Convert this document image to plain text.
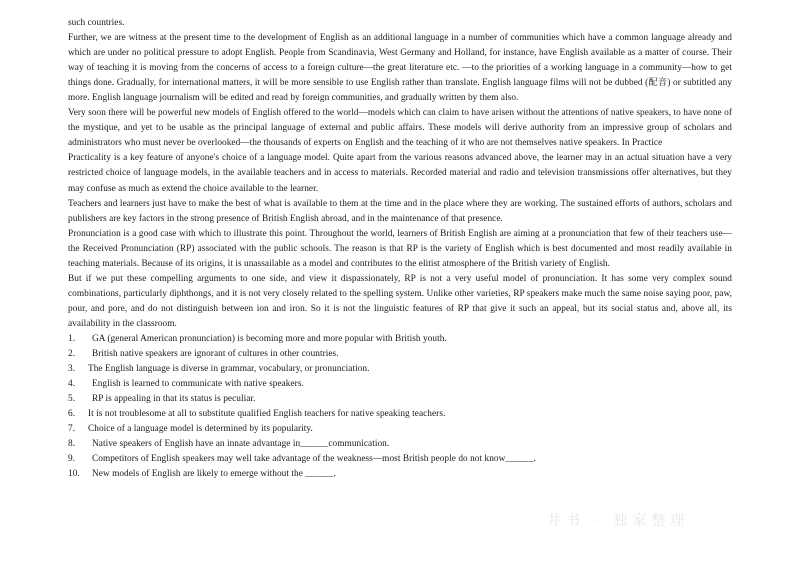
such countries.

Further, we are witness at the present time to the development of English as an additional language in a number of communities which have a common language already and which are under no political pressure to adopt English. People from Scandinavia, West Germany and Holland, for instance, have English available as a matter of course. Their way of teaching it is moving from the concerns of access to a foreign culture—the great literature etc. —to the priorities of a working language in a community—how to get things done. Gradually, for international matters, it will be more sensible to use English rather than translate. English language films will not be dubbed (配音) or subtitled any more. English language journalism will be edited and read by foreign communities, and gradually written by them also.

Very soon there will be powerful new models of English offered to the world—models which can claim to have arisen without the attentions of native speakers, to have none of the mystique, and yet to be usable as the principal language of external and public affairs. These models will derive authority from an impressive group of scholars and administrators who must never be overlooked—the thousands of experts on English and the teaching of it who are not themselves native speakers. In Practice

Practicality is a key feature of anyone's choice of a language model. Quite apart from the various reasons advanced above, the learner may in an actual situation have a very restricted choice of language models, in the available teachers and in access to materials. Recorded material and radio and television transmissions offer alternatives, but they may confuse as much as extend the choice available to the learner.

Teachers and learners just have to make the best of what is available to them at the time and in the place where they are working. The sustained efforts of authors, scholars and publishers are key factors in the strong presence of British English abroad, and in the maintenance of that presence.

Pronunciation is a good case with which to illustrate this point. Throughout the world, learners of British English are aiming at a pronunciation that few of their teachers use—the Received Pronunciation (RP) associated with the public schools. The reason is that RP is the variety of English which is best documented and most readily available in teaching materials. Because of its origins, it is unassailable as a model and contributes to the elitist atmosphere of the British variety of English.

But if we put these compelling arguments to one side, and view it dispassionately, RP is not a very useful model of pronunciation. It has some very complex sound combinations, particularly diphthongs, and it is not very closely related to the spelling system. Unlike other varieties, RP speakers make much the same noise saying poor, paw, pour, and pore, and do not distinguish between ion and iron. So it is not the linguistic features of RP that give it such an appeal, but its social status and, above all, its availability in the classroom.

1.	GA (general American pronunciation) is becoming more and more popular with British youth.
2.	British native speakers are ignorant of cultures in other countries.
3.	The English language is diverse in grammar, vocabulary, or pronunciation.
4.	English is learned to communicate with native speakers.
5.	RP is appealing in that its status is peculiar.
6.	It is not troublesome at all to substitute qualified English teachers for native speaking teachers.
7.	Choice of a language model is determined by its popularity.
8.	Native speakers of English have an innate advantage in______communication.
9.	Competitors of English speakers may well take advantage of the weakness—most British people do not know______.
10.	New models of English are likely to emerge without the ______.
井书 · 独家整理
